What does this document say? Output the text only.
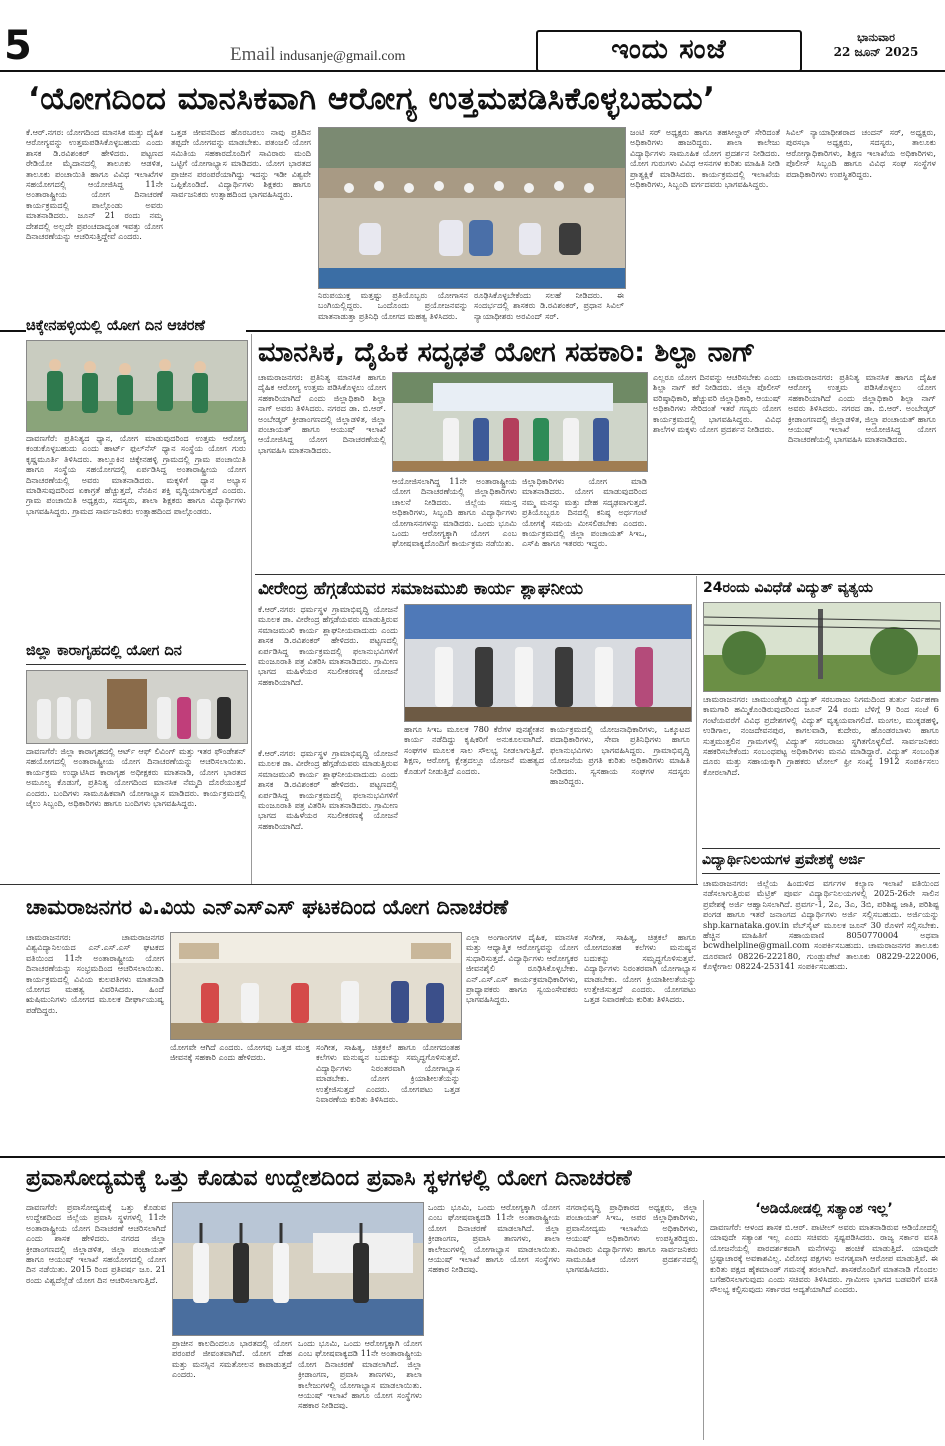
5	Email indusanje@gmail.com	ಇಂದು ಸಂಜೆ	ಭಾನುವಾರ
22 ಜೂನ್ 2025
‘ಯೋಗದಿಂದ ಮಾನಸಿಕವಾಗಿ ಆರೋಗ್ಯ ಉತ್ತಮಪಡಿಸಿಕೊಳ್ಳಬಹುದು’
ಕೆ.ಆರ್.ನಗರ: ಯೋಗದಿಂದ ಮಾನಸಿಕ ಮತ್ತು ದೈಹಿಕ ಆರೋಗ್ಯವನ್ನು ಉತ್ತಮಪಡಿಸಿಕೊಳ್ಳಬಹುದು ಎಂದು ಶಾಸಕ ಡಿ.ರವಿಶಂಕರ್ ಹೇಳಿದರು. ಪಟ್ಟಣದ ರೇಡಿಯೋ ಮೈದಾನದಲ್ಲಿ ತಾಲೂಕು ಆಡಳಿತ, ತಾಲೂಕು ಪಂಚಾಯಿತಿ ಹಾಗೂ ವಿವಿಧ ಇಲಾಖೆಗಳ ಸಹಯೋಗದಲ್ಲಿ ಆಯೋಜಿಸಿದ್ದ 11ನೇ ಅಂತಾರಾಷ್ಟ್ರೀಯ ಯೋಗ ದಿನಾಚರಣೆ ಕಾರ್ಯಕ್ರಮದಲ್ಲಿ ಪಾಲ್ಗೊಂಡು ಅವರು ಮಾತನಾಡಿದರು. ಜೂನ್ 21 ರಂದು ನಮ್ಮ ದೇಶದಲ್ಲಿ ಅಲ್ಲದೇ ಪ್ರಪಂಚದಾದ್ಯಂತ ಇವತ್ತು ಯೋಗ ದಿನಾಚರಣೆಯನ್ನು ಆಚರಿಸುತ್ತಿದ್ದೇವೆ ಎಂದರು.
ಒತ್ತಡ ಜೀವನದಿಂದ ಹೊರಬರಲು ನಾವು ಪ್ರತಿದಿನ ತಪ್ಪದೇ ಯೋಗವನ್ನು ಮಾಡಬೇಕು. ಪತಂಜಲಿ ಯೋಗ ಸಮಿತಿಯ ಸಹಕಾರದೊಂದಿಗೆ ಸಾವಿರಾರು ಮಂದಿ ಒಟ್ಟಿಗೆ ಯೋಗಾಭ್ಯಾಸ ಮಾಡಿದರು. ಯೋಗ ಭಾರತದ ಪ್ರಾಚೀನ ಪರಂಪರೆಯಾಗಿದ್ದು ಇದನ್ನು ಇಡೀ ವಿಶ್ವವೇ ಒಪ್ಪಿಕೊಂಡಿದೆ. ವಿದ್ಯಾರ್ಥಿಗಳು ಶಿಕ್ಷಕರು ಹಾಗೂ ಸಾರ್ವಜನಿಕರು ಉತ್ಸಾಹದಿಂದ ಭಾಗವಹಿಸಿದ್ದರು.
ನಿರುಪಯುಕ್ತ ಮತ್ತಷ್ಟು ಪ್ರತಿಯೊಬ್ಬರು ಯೋಗಾಸನ ಬಂಗಿಯಲ್ಲಿದ್ದರು. ಒಂದೊಂದು ಪ್ರಯೋಜನವನ್ನು ಮಾತನಾಡುತ್ತಾ ಪ್ರತಿನಿಧಿ ಯೋಗದ ಮಹತ್ವ ತಿಳಿಸಿದರು.
ರೂಢಿಸಿಕೊಳ್ಳಬೇಕೆಂದು ಸಲಹೆ ನೀಡಿದರು. ಈ ಸಂದರ್ಭದಲ್ಲಿ ಶಾಸಕರು ಡಿ.ರವಿಶಂಕರ್, ಪ್ರಧಾನ ಸಿವಿಲ್ ನ್ಯಾಯಾಧೀಶರು ಅರವಿಂದ್ ಸರ್.
ಜಂಟಿ ಸರ್ ಅಧ್ಯಕ್ಷರು ಹಾಗೂ ತಹಸೀಲ್ದಾರ್ ಸೇರಿದಂತೆ ಅಧಿಕಾರಿಗಳು ಹಾಜರಿದ್ದರು. ಶಾಲಾ ಕಾಲೇಜು ವಿದ್ಯಾರ್ಥಿಗಳು ಸಾಮೂಹಿಕ ಯೋಗ ಪ್ರದರ್ಶನ ನೀಡಿದರು. ಯೋಗ ಗುರುಗಳು ವಿವಿಧ ಆಸನಗಳ ಕುರಿತು ಮಾಹಿತಿ ನೀಡಿ ಪ್ರಾತ್ಯಕ್ಷಿಕೆ ಮಾಡಿಸಿದರು. ಕಾರ್ಯಕ್ರಮದಲ್ಲಿ ಇಲಾಖೆಯ ಅಧಿಕಾರಿಗಳು, ಸಿಬ್ಬಂದಿ ವರ್ಗದವರು ಭಾಗವಹಿಸಿದ್ದರು.
ಸಿವಿಲ್ ನ್ಯಾಯಾಧೀಶರಾದ ಚಂದನ್ ಸರ್, ಅಧ್ಯಕ್ಷರು, ಪುರಸಭಾ ಅಧ್ಯಕ್ಷರು, ಸದಸ್ಯರು, ತಾಲೂಕು ಆರೋಗ್ಯಾಧಿಕಾರಿಗಳು, ಶಿಕ್ಷಣ ಇಲಾಖೆಯ ಅಧಿಕಾರಿಗಳು, ಪೊಲೀಸ್ ಸಿಬ್ಬಂದಿ ಹಾಗೂ ವಿವಿಧ ಸಂಘ ಸಂಸ್ಥೆಗಳ ಪದಾಧಿಕಾರಿಗಳು ಉಪಸ್ಥಿತರಿದ್ದರು.
ಚಿಕ್ಕೇನಹಳ್ಳಿಯಲ್ಲಿ ಯೋಗ ದಿನ ಆಚರಣೆ
ದಾವಣಗೆರೆ: ಪ್ರತಿನಿತ್ಯದ ಧ್ಯಾನ, ಯೋಗ ಮಾಡುವುದರಿಂದ ಉತ್ತಮ ಆರೋಗ್ಯ ಕಂಡುಕೊಳ್ಳಬಹುದು ಎಂದು ಹಾರ್ಟ್ ಫುಲ್‌ನೆಸ್ ಧ್ಯಾನ ಸಂಸ್ಥೆಯ ಯೋಗ ಗುರು ಕೃಷ್ಣಮೂರ್ತಿ ತಿಳಿಸಿದರು. ತಾಲ್ಲೂಕಿನ ಚಿಕ್ಕೇನಹಳ್ಳಿ ಗ್ರಾಮದಲ್ಲಿ ಗ್ರಾಮ ಪಂಚಾಯಿತಿ ಹಾಗೂ ಸಂಸ್ಥೆಯ ಸಹಯೋಗದಲ್ಲಿ ಏರ್ಪಡಿಸಿದ್ದ ಅಂತಾರಾಷ್ಟ್ರೀಯ ಯೋಗ ದಿನಾಚರಣೆಯಲ್ಲಿ ಅವರು ಮಾತನಾಡಿದರು. ಮಕ್ಕಳಿಗೆ ಧ್ಯಾನ ಅಭ್ಯಾಸ ಮಾಡಿಸುವುದರಿಂದ ಏಕಾಗ್ರತೆ ಹೆಚ್ಚುತ್ತದೆ, ನೆನಪಿನ ಶಕ್ತಿ ವೃದ್ಧಿಯಾಗುತ್ತದೆ ಎಂದರು. ಗ್ರಾಮ ಪಂಚಾಯಿತಿ ಅಧ್ಯಕ್ಷರು, ಸದಸ್ಯರು, ಶಾಲಾ ಶಿಕ್ಷಕರು ಹಾಗೂ ವಿದ್ಯಾರ್ಥಿಗಳು ಭಾಗವಹಿಸಿದ್ದರು. ಗ್ರಾಮದ ಸಾರ್ವಜನಿಕರು ಉತ್ಸಾಹದಿಂದ ಪಾಲ್ಗೊಂಡರು.
ಜಿಲ್ಲಾ ಕಾರಾಗೃಹದಲ್ಲಿ ಯೋಗ ದಿನ
ದಾವಣಗೆರೆ: ಜಿಲ್ಲಾ ಕಾರಾಗೃಹದಲ್ಲಿ ಆರ್ಟ್ ಆಫ್ ಲಿವಿಂಗ್ ಮತ್ತು ಇತರ ಫೌಂಡೇಶನ್ ಸಹಯೋಗದಲ್ಲಿ ಅಂತಾರಾಷ್ಟ್ರೀಯ ಯೋಗ ದಿನಾಚರಣೆಯನ್ನು ಆಚರಿಸಲಾಯಿತು. ಕಾರ್ಯಕ್ರಮ ಉದ್ಘಾಟಿಸಿದ ಕಾರಾಗೃಹ ಅಧೀಕ್ಷಕರು ಮಾತನಾಡಿ, ಯೋಗ ಭಾರತದ ಅಮೂಲ್ಯ ಕೊಡುಗೆ, ಪ್ರತಿನಿತ್ಯ ಯೋಗದಿಂದ ಮಾನಸಿಕ ನೆಮ್ಮದಿ ದೊರೆಯುತ್ತದೆ ಎಂದರು. ಬಂದಿಗಳು ಸಾಮೂಹಿಕವಾಗಿ ಯೋಗಾಭ್ಯಾಸ ಮಾಡಿದರು. ಕಾರ್ಯಕ್ರಮದಲ್ಲಿ ಜೈಲು ಸಿಬ್ಬಂದಿ, ಅಧಿಕಾರಿಗಳು ಹಾಗೂ ಬಂದಿಗಳು ಭಾಗವಹಿಸಿದ್ದರು.
ಮಾನಸಿಕ, ದೈಹಿಕ ಸದೃಢತೆ ಯೋಗ ಸಹಕಾರಿ: ಶಿಲ್ಪಾ ನಾಗ್
ಚಾಮರಾಜನಗರ: ಪ್ರತಿನಿತ್ಯ ಮಾನಸಿಕ ಹಾಗೂ ದೈಹಿಕ ಆರೋಗ್ಯ ಉತ್ತಮ ಪಡಿಸಿಕೊಳ್ಳಲು ಯೋಗ ಸಹಕಾರಿಯಾಗಿದೆ ಎಂದು ಜಿಲ್ಲಾಧಿಕಾರಿ ಶಿಲ್ಪಾ ನಾಗ್ ಅವರು ತಿಳಿಸಿದರು. ನಗರದ ಡಾ. ಬಿ.ಆರ್. ಅಂಬೇಡ್ಕರ್ ಕ್ರೀಡಾಂಗಣದಲ್ಲಿ ಜಿಲ್ಲಾಡಳಿತ, ಜಿಲ್ಲಾ ಪಂಚಾಯತ್ ಹಾಗೂ ಆಯುಷ್ ಇಲಾಖೆ ಆಯೋಜಿಸಿದ್ದ ಯೋಗ ದಿನಾಚರಣೆಯಲ್ಲಿ ಭಾಗವಹಿಸಿ ಮಾತನಾಡಿದರು.
ಆಯೋಜಿಸಲಾಗಿದ್ದ 11ನೇ ಅಂತಾರಾಷ್ಟ್ರೀಯ ಯೋಗ ದಿನಾಚರಣೆಯಲ್ಲಿ ಜಿಲ್ಲಾಧಿಕಾರಿಗಳು ಚಾಲನೆ ನೀಡಿದರು. ಜಿಲ್ಲೆಯ ಸಮಸ್ತ ಅಧಿಕಾರಿಗಳು, ಸಿಬ್ಬಂದಿ ಹಾಗೂ ವಿದ್ಯಾರ್ಥಿಗಳು ಯೋಗಾಸನಗಳನ್ನು ಮಾಡಿದರು. ಒಂದು ಭೂಮಿ ಒಂದು ಆರೋಗ್ಯಕ್ಕಾಗಿ ಯೋಗ ಎಂಬ ಘೋಷವಾಕ್ಯದೊಂದಿಗೆ ಕಾರ್ಯಕ್ರಮ ನಡೆಯಿತು.
ಜಿಲ್ಲಾಧಿಕಾರಿಗಳು ಯೋಗ ಮಾಡಿ ಮಾತನಾಡಿದರು. ಯೋಗ ಮಾಡುವುದರಿಂದ ನಮ್ಮ ಮನಸ್ಸು ಮತ್ತು ದೇಹ ಸದೃಢವಾಗುತ್ತದೆ. ಪ್ರತಿಯೊಬ್ಬರೂ ದಿನದಲ್ಲಿ ಕನಿಷ್ಠ ಅರ್ಧಗಂಟೆ ಯೋಗಕ್ಕೆ ಸಮಯ ಮೀಸಲಿಡಬೇಕು ಎಂದರು. ಕಾರ್ಯಕ್ರಮದಲ್ಲಿ ಜಿಲ್ಲಾ ಪಂಚಾಯತ್ ಸಿಇಒ, ಎಸ್‌ಪಿ ಹಾಗೂ ಇತರರು ಇದ್ದರು.
ಎಲ್ಲರೂ ಯೋಗ ದಿನವನ್ನು ಆಚರಿಸಬೇಕು ಎಂದು ಶಿಲ್ಪಾ ನಾಗ್ ಕರೆ ನೀಡಿದರು. ಜಿಲ್ಲಾ ಪೊಲೀಸ್ ವರಿಷ್ಠಾಧಿಕಾರಿ, ಹೆಚ್ಚುವರಿ ಜಿಲ್ಲಾಧಿಕಾರಿ, ಆಯುಷ್ ಅಧಿಕಾರಿಗಳು ಸೇರಿದಂತೆ ಇತರೆ ಗಣ್ಯರು ಯೋಗ ಕಾರ್ಯಕ್ರಮದಲ್ಲಿ ಭಾಗವಹಿಸಿದ್ದರು. ವಿವಿಧ ಶಾಲೆಗಳ ಮಕ್ಕಳು ಯೋಗ ಪ್ರದರ್ಶನ ನೀಡಿದರು.
ಚಾಮರಾಜನಗರ: ಪ್ರತಿನಿತ್ಯ ಮಾನಸಿಕ ಹಾಗೂ ದೈಹಿಕ ಆರೋಗ್ಯ ಉತ್ತಮ ಪಡಿಸಿಕೊಳ್ಳಲು ಯೋಗ ಸಹಕಾರಿಯಾಗಿದೆ ಎಂದು ಜಿಲ್ಲಾಧಿಕಾರಿ ಶಿಲ್ಪಾ ನಾಗ್ ಅವರು ತಿಳಿಸಿದರು. ನಗರದ ಡಾ. ಬಿ.ಆರ್. ಅಂಬೇಡ್ಕರ್ ಕ್ರೀಡಾಂಗಣದಲ್ಲಿ ಜಿಲ್ಲಾಡಳಿತ, ಜಿಲ್ಲಾ ಪಂಚಾಯತ್ ಹಾಗೂ ಆಯುಷ್ ಇಲಾಖೆ ಆಯೋಜಿಸಿದ್ದ ಯೋಗ ದಿನಾಚರಣೆಯಲ್ಲಿ ಭಾಗವಹಿಸಿ ಮಾತನಾಡಿದರು.
ವೀರೇಂದ್ರ ಹೆಗ್ಗಡೆಯವರ ಸಮಾಜಮುಖಿ ಕಾರ್ಯ ಶ್ಲಾಘನೀಯ
ಕೆ.ಆರ್.ನಗರ: ಧರ್ಮಸ್ಥಳ ಗ್ರಾಮಾಭಿವೃದ್ಧಿ ಯೋಜನೆ ಮೂಲಕ ಡಾ. ವೀರೇಂದ್ರ ಹೆಗ್ಗಡೆಯವರು ಮಾಡುತ್ತಿರುವ ಸಮಾಜಮುಖಿ ಕಾರ್ಯ ಶ್ಲಾಘನೀಯವಾದುದು ಎಂದು ಶಾಸಕ ಡಿ.ರವಿಶಂಕರ್ ಹೇಳಿದರು. ಪಟ್ಟಣದಲ್ಲಿ ಏರ್ಪಡಿಸಿದ್ದ ಕಾರ್ಯಕ್ರಮದಲ್ಲಿ ಫಲಾನುಭವಿಗಳಿಗೆ ಮಂಜೂರಾತಿ ಪತ್ರ ವಿತರಿಸಿ ಮಾತನಾಡಿದರು. ಗ್ರಾಮೀಣ ಭಾಗದ ಮಹಿಳೆಯರ ಸಬಲೀಕರಣಕ್ಕೆ ಯೋಜನೆ ಸಹಕಾರಿಯಾಗಿದೆ.
ಹಾಗೂ ಸಿಇಒ ಮೂಲಕ 780 ಕೆರೆಗಳ ಪುನಶ್ಚೇತನ ಕಾರ್ಯ ನಡೆದಿದ್ದು ಕೃಷಿಕರಿಗೆ ಅನುಕೂಲವಾಗಿದೆ. ಸಂಘಗಳ ಮೂಲಕ ಸಾಲ ಸೌಲಭ್ಯ ನೀಡಲಾಗುತ್ತಿದೆ. ಶಿಕ್ಷಣ, ಆರೋಗ್ಯ ಕ್ಷೇತ್ರದಲ್ಲೂ ಯೋಜನೆ ಮಹತ್ವದ ಕೊಡುಗೆ ನೀಡುತ್ತಿದೆ ಎಂದರು.
ಕಾರ್ಯಕ್ರಮದಲ್ಲಿ ಯೋಜನಾಧಿಕಾರಿಗಳು, ಒಕ್ಕೂಟದ ಪದಾಧಿಕಾರಿಗಳು, ಸೇವಾ ಪ್ರತಿನಿಧಿಗಳು ಹಾಗೂ ಫಲಾನುಭವಿಗಳು ಭಾಗವಹಿಸಿದ್ದರು. ಗ್ರಾಮಾಭಿವೃದ್ಧಿ ಯೋಜನೆಯ ಪ್ರಗತಿ ಕುರಿತು ಅಧಿಕಾರಿಗಳು ಮಾಹಿತಿ ನೀಡಿದರು. ಸ್ವಸಹಾಯ ಸಂಘಗಳ ಸದಸ್ಯರು ಹಾಜರಿದ್ದರು.
ಕೆ.ಆರ್.ನಗರ: ಧರ್ಮಸ್ಥಳ ಗ್ರಾಮಾಭಿವೃದ್ಧಿ ಯೋಜನೆ ಮೂಲಕ ಡಾ. ವೀರೇಂದ್ರ ಹೆಗ್ಗಡೆಯವರು ಮಾಡುತ್ತಿರುವ ಸಮಾಜಮುಖಿ ಕಾರ್ಯ ಶ್ಲಾಘನೀಯವಾದುದು ಎಂದು ಶಾಸಕ ಡಿ.ರವಿಶಂಕರ್ ಹೇಳಿದರು. ಪಟ್ಟಣದಲ್ಲಿ ಏರ್ಪಡಿಸಿದ್ದ ಕಾರ್ಯಕ್ರಮದಲ್ಲಿ ಫಲಾನುಭವಿಗಳಿಗೆ ಮಂಜೂರಾತಿ ಪತ್ರ ವಿತರಿಸಿ ಮಾತನಾಡಿದರು. ಗ್ರಾಮೀಣ ಭಾಗದ ಮಹಿಳೆಯರ ಸಬಲೀಕರಣಕ್ಕೆ ಯೋಜನೆ ಸಹಕಾರಿಯಾಗಿದೆ.
24ರಂದು ವಿವಿಧೆಡೆ ವಿದ್ಯುತ್ ವ್ಯತ್ಯಯ
ಚಾಮರಾಜನಗರ: ಚಾಮುಂಡೇಶ್ವರಿ ವಿದ್ಯುತ್ ಸರಬರಾಜು ನಿಗಮದಿಂದ ತುರ್ತು ನಿರ್ವಹಣಾ ಕಾಮಗಾರಿ ಹಮ್ಮಿಕೊಂಡಿರುವುದರಿಂದ ಜೂನ್ 24 ರಂದು ಬೆಳಿಗ್ಗೆ 9 ರಿಂದ ಸಂಜೆ 6 ಗಂಟೆಯವರೆಗೆ ವಿವಿಧ ಪ್ರದೇಶಗಳಲ್ಲಿ ವಿದ್ಯುತ್ ವ್ಯತ್ಯಯವಾಗಲಿದೆ. ಮಂಗಲ, ಮುಕ್ಕಡಹಳ್ಳಿ, ಉಡಿಗಾಲ, ನಂಜದೇವನಪುರ, ಕಾಗಲವಾಡಿ, ಕುದೇರು, ಹೊಂಡರಬಾಳು ಹಾಗೂ ಸುತ್ತಮುತ್ತಲಿನ ಗ್ರಾಮಗಳಲ್ಲಿ ವಿದ್ಯುತ್ ಸರಬರಾಜು ಸ್ಥಗಿತಗೊಳ್ಳಲಿದೆ. ಸಾರ್ವಜನಿಕರು ಸಹಕರಿಸಬೇಕೆಂದು ಸಂಬಂಧಪಟ್ಟ ಅಧಿಕಾರಿಗಳು ಮನವಿ ಮಾಡಿದ್ದಾರೆ. ವಿದ್ಯುತ್ ಸಂಬಂಧಿತ ದೂರು ಮತ್ತು ಸಹಾಯಕ್ಕಾಗಿ ಗ್ರಾಹಕರು ಟೋಲ್ ಫ್ರೀ ಸಂಖ್ಯೆ 1912 ಸಂಪರ್ಕಿಸಲು ಕೋರಲಾಗಿದೆ.
ವಿದ್ಯಾರ್ಥಿನಿಲಯಗಳ ಪ್ರವೇಶಕ್ಕೆ ಅರ್ಜಿ
ಚಾಮರಾಜನಗರ: ಜಿಲ್ಲೆಯ ಹಿಂದುಳಿದ ವರ್ಗಗಳ ಕಲ್ಯಾಣ ಇಲಾಖೆ ವತಿಯಿಂದ ನಡೆಸಲಾಗುತ್ತಿರುವ ಮೆಟ್ರಿಕ್ ಪೂರ್ವ ವಿದ್ಯಾರ್ಥಿನಿಲಯಗಳಲ್ಲಿ 2025-26ನೇ ಸಾಲಿನ ಪ್ರವೇಶಕ್ಕೆ ಅರ್ಜಿ ಆಹ್ವಾನಿಸಲಾಗಿದೆ. ಪ್ರವರ್ಗ-1, 2ಎ, 3ಎ, 3ಬಿ, ಪರಿಶಿಷ್ಟ ಜಾತಿ, ಪರಿಶಿಷ್ಟ ಪಂಗಡ ಹಾಗೂ ಇತರೆ ಜನಾಂಗದ ವಿದ್ಯಾರ್ಥಿಗಳು ಅರ್ಜಿ ಸಲ್ಲಿಸಬಹುದು. ಅರ್ಜಿಯನ್ನು shp.karnataka.gov.in ವೆಬ್‌ಸೈಟ್ ಮೂಲಕ ಜೂನ್ 30 ರೊಳಗೆ ಸಲ್ಲಿಸಬೇಕು. ಹೆಚ್ಚಿನ ಮಾಹಿತಿಗೆ ಸಹಾಯವಾಣಿ 8050770004 ಅಥವಾ bcwdhelpline@gmail.com ಸಂಪರ್ಕಿಸಬಹುದು. ಚಾಮರಾಜನಗರ ತಾಲೂಕು ದೂರವಾಣಿ 08226-222180, ಗುಂಡ್ಲುಪೇಟೆ ತಾಲೂಕು 08229-222006, ಕೊಳ್ಳೇಗಾಲ 08224-253141 ಸಂಪರ್ಕಿಸಬಹುದು.
ಚಾಮರಾಜನಗರ ವಿ.ವಿಯ ಎನ್‌ಎಸ್‌ಎಸ್ ಘಟಕದಿಂದ ಯೋಗ ದಿನಾಚರಣೆ
ಚಾಮರಾಜನಗರ: ಚಾಮರಾಜನಗರ ವಿಶ್ವವಿದ್ಯಾನಿಲಯದ ಎನ್.ಎಸ್.ಎಸ್ ಘಟಕದ ವತಿಯಿಂದ 11ನೇ ಅಂತಾರಾಷ್ಟ್ರೀಯ ಯೋಗ ದಿನಾಚರಣೆಯನ್ನು ಸಂಭ್ರಮದಿಂದ ಆಚರಿಸಲಾಯಿತು. ಕಾರ್ಯಕ್ರಮದಲ್ಲಿ ವಿವಿಯ ಕುಲಪತಿಗಳು ಮಾತನಾಡಿ ಯೋಗದ ಮಹತ್ವ ವಿವರಿಸಿದರು. ಹಿಂದೆ ಋಷಿಮುನಿಗಳು ಯೋಗದ ಮೂಲಕ ದೀರ್ಘಾಯುಷ್ಯ ಪಡೆದಿದ್ದರು.
ಯೋಗವೇ ಆಗಿದೆ ಎಂದರು. ಯೋಗವು ಒತ್ತಡ ಮುಕ್ತ ಜೀವನಕ್ಕೆ ಸಹಕಾರಿ ಎಂದು ಹೇಳಿದರು.
ಸಂಗೀತ, ಸಾಹಿತ್ಯ, ಚಿತ್ರಕಲೆ ಹಾಗೂ ಯೋಗದಂತಹ ಕಲೆಗಳು ಮನುಷ್ಯನ ಬದುಕನ್ನು ಸಮೃದ್ಧಗೊಳಿಸುತ್ತವೆ. ವಿದ್ಯಾರ್ಥಿಗಳು ನಿರಂತರವಾಗಿ ಯೋಗಾಭ್ಯಾಸ ಮಾಡಬೇಕು. ಯೋಗ ಕ್ರಿಯಾಶೀಲತೆಯನ್ನು ಉತ್ತೇಜಿಸುತ್ತದೆ ಎಂದರು. ಯೋಗಪಟು ಒತ್ತಡ ನಿವಾರಣೆಯ ಕುರಿತು ತಿಳಿಸಿದರು.
ಎಲ್ಲಾ ಅಂಗಾಂಗಗಳ ದೈಹಿಕ, ಮಾನಸಿಕ ಮತ್ತು ಆಧ್ಯಾತ್ಮಿಕ ಆರೋಗ್ಯವನ್ನು ಯೋಗ ಸುಧಾರಿಸುತ್ತದೆ. ವಿದ್ಯಾರ್ಥಿಗಳು ಆರೋಗ್ಯಕರ ಜೀವನಶೈಲಿ ರೂಢಿಸಿಕೊಳ್ಳಬೇಕು. ಎನ್.ಎಸ್.ಎಸ್ ಕಾರ್ಯಕ್ರಮಾಧಿಕಾರಿಗಳು, ಪ್ರಾಧ್ಯಾಪಕರು ಹಾಗೂ ಸ್ವಯಂಸೇವಕರು ಭಾಗವಹಿಸಿದ್ದರು.
ಸಂಗೀತ, ಸಾಹಿತ್ಯ, ಚಿತ್ರಕಲೆ ಹಾಗೂ ಯೋಗದಂತಹ ಕಲೆಗಳು ಮನುಷ್ಯನ ಬದುಕನ್ನು ಸಮೃದ್ಧಗೊಳಿಸುತ್ತವೆ. ವಿದ್ಯಾರ್ಥಿಗಳು ನಿರಂತರವಾಗಿ ಯೋಗಾಭ್ಯಾಸ ಮಾಡಬೇಕು. ಯೋಗ ಕ್ರಿಯಾಶೀಲತೆಯನ್ನು ಉತ್ತೇಜಿಸುತ್ತದೆ ಎಂದರು. ಯೋಗಪಟು ಒತ್ತಡ ನಿವಾರಣೆಯ ಕುರಿತು ತಿಳಿಸಿದರು.
ಪ್ರವಾಸೋದ್ಯಮಕ್ಕೆ ಒತ್ತು ಕೊಡುವ ಉದ್ದೇಶದಿಂದ ಪ್ರವಾಸಿ ಸ್ಥಳಗಳಲ್ಲಿ ಯೋಗ ದಿನಾಚರಣೆ
ದಾವಣಗೆರೆ: ಪ್ರವಾಸೋದ್ಯಮಕ್ಕೆ ಒತ್ತು ಕೊಡುವ ಉದ್ದೇಶದಿಂದ ಜಿಲ್ಲೆಯ ಪ್ರವಾಸಿ ಸ್ಥಳಗಳಲ್ಲಿ 11ನೇ ಅಂತಾರಾಷ್ಟ್ರೀಯ ಯೋಗ ದಿನಾಚರಣೆ ಆಚರಿಸಲಾಗಿದೆ ಎಂದು ಶಾಸಕ ಹೇಳಿದರು. ನಗರದ ಜಿಲ್ಲಾ ಕ್ರೀಡಾಂಗಣದಲ್ಲಿ ಜಿಲ್ಲಾಡಳಿತ, ಜಿಲ್ಲಾ ಪಂಚಾಯತ್ ಹಾಗೂ ಆಯುಷ್ ಇಲಾಖೆ ಸಹಯೋಗದಲ್ಲಿ ಯೋಗ ದಿನ ನಡೆಯಿತು. 2015 ರಿಂದ ಪ್ರತಿವರ್ಷ ಜೂ. 21 ರಂದು ವಿಶ್ವದೆಲ್ಲೆಡೆ ಯೋಗ ದಿನ ಆಚರಿಸಲಾಗುತ್ತಿದೆ.
ಪ್ರಾಚೀನ ಕಾಲದಿಂದಲೂ ಭಾರತದಲ್ಲಿ ಯೋಗ ಪರಂಪರೆ ಜೀವಂತವಾಗಿದೆ. ಯೋಗ ದೇಹ ಮತ್ತು ಮನಸ್ಸಿನ ಸಮತೋಲನ ಕಾಪಾಡುತ್ತದೆ ಎಂದರು.
ಒಂದು ಭೂಮಿ, ಒಂದು ಆರೋಗ್ಯಕ್ಕಾಗಿ ಯೋಗ ಎಂಬ ಘೋಷವಾಕ್ಯದಡಿ 11ನೇ ಅಂತಾರಾಷ್ಟ್ರೀಯ ಯೋಗ ದಿನಾಚರಣೆ ಮಾಡಲಾಗಿದೆ. ಜಿಲ್ಲಾ ಕ್ರೀಡಾಂಗಣ, ಪ್ರವಾಸಿ ತಾಣಗಳು, ಶಾಲಾ ಕಾಲೇಜುಗಳಲ್ಲಿ ಯೋಗಾಭ್ಯಾಸ ಮಾಡಲಾಯಿತು. ಆಯುಷ್ ಇಲಾಖೆ ಹಾಗೂ ಯೋಗ ಸಂಸ್ಥೆಗಳು ಸಹಕಾರ ನೀಡಿದವು.
ಒಂದು ಭೂಮಿ, ಒಂದು ಆರೋಗ್ಯಕ್ಕಾಗಿ ಯೋಗ ಎಂಬ ಘೋಷವಾಕ್ಯದಡಿ 11ನೇ ಅಂತಾರಾಷ್ಟ್ರೀಯ ಯೋಗ ದಿನಾಚರಣೆ ಮಾಡಲಾಗಿದೆ. ಜಿಲ್ಲಾ ಕ್ರೀಡಾಂಗಣ, ಪ್ರವಾಸಿ ತಾಣಗಳು, ಶಾಲಾ ಕಾಲೇಜುಗಳಲ್ಲಿ ಯೋಗಾಭ್ಯಾಸ ಮಾಡಲಾಯಿತು. ಆಯುಷ್ ಇಲಾಖೆ ಹಾಗೂ ಯೋಗ ಸಂಸ್ಥೆಗಳು ಸಹಕಾರ ನೀಡಿದವು.
ನಗರಾಭಿವೃದ್ಧಿ ಪ್ರಾಧಿಕಾರದ ಅಧ್ಯಕ್ಷರು, ಜಿಲ್ಲಾ ಪಂಚಾಯತ್ ಸಿಇಒ, ಅಪರ ಜಿಲ್ಲಾಧಿಕಾರಿಗಳು, ಪ್ರವಾಸೋದ್ಯಮ ಇಲಾಖೆಯ ಅಧಿಕಾರಿಗಳು, ಆಯುಷ್ ಅಧಿಕಾರಿಗಳು ಉಪಸ್ಥಿತರಿದ್ದರು. ಸಾವಿರಾರು ವಿದ್ಯಾರ್ಥಿಗಳು ಹಾಗೂ ಸಾರ್ವಜನಿಕರು ಸಾಮೂಹಿಕ ಯೋಗ ಪ್ರದರ್ಶನದಲ್ಲಿ ಭಾಗವಹಿಸಿದರು.
‘ಅಡಿಯೋಡಲ್ಲಿ ಸತ್ಯಾಂಶ ಇಲ್ಲ’
ದಾವಣಗೆರೆ: ಆಳಂದ ಶಾಸಕ ಬಿ.ಆರ್. ಪಾಟೀಲ್ ಅವರು ಮಾತನಾಡಿರುವ ಆಡಿಯೋದಲ್ಲಿ ಯಾವುದೇ ಸತ್ಯಾಂಶ ಇಲ್ಲ ಎಂದು ಸಚಿವರು ಸ್ಪಷ್ಟಪಡಿಸಿದರು. ರಾಜ್ಯ ಸರ್ಕಾರ ವಸತಿ ಯೋಜನೆಯಲ್ಲಿ ಪಾರದರ್ಶಕವಾಗಿ ಮನೆಗಳನ್ನು ಹಂಚಿಕೆ ಮಾಡುತ್ತಿದೆ. ಯಾವುದೇ ಭ್ರಷ್ಟಾಚಾರಕ್ಕೆ ಅವಕಾಶವಿಲ್ಲ. ವಿರೋಧ ಪಕ್ಷಗಳು ಅನಗತ್ಯವಾಗಿ ಆರೋಪ ಮಾಡುತ್ತಿವೆ. ಈ ಕುರಿತು ಪಕ್ಷದ ಹೈಕಮಾಂಡ್ ಗಮನಕ್ಕೆ ತರಲಾಗಿದೆ. ಶಾಸಕರೊಂದಿಗೆ ಮಾತನಾಡಿ ಗೊಂದಲ ಬಗೆಹರಿಸಲಾಗುವುದು ಎಂದು ಸಚಿವರು ತಿಳಿಸಿದರು. ಗ್ರಾಮೀಣ ಭಾಗದ ಬಡವರಿಗೆ ವಸತಿ ಸೌಲಭ್ಯ ಕಲ್ಪಿಸುವುದು ಸರ್ಕಾರದ ಆದ್ಯತೆಯಾಗಿದೆ ಎಂದರು.
